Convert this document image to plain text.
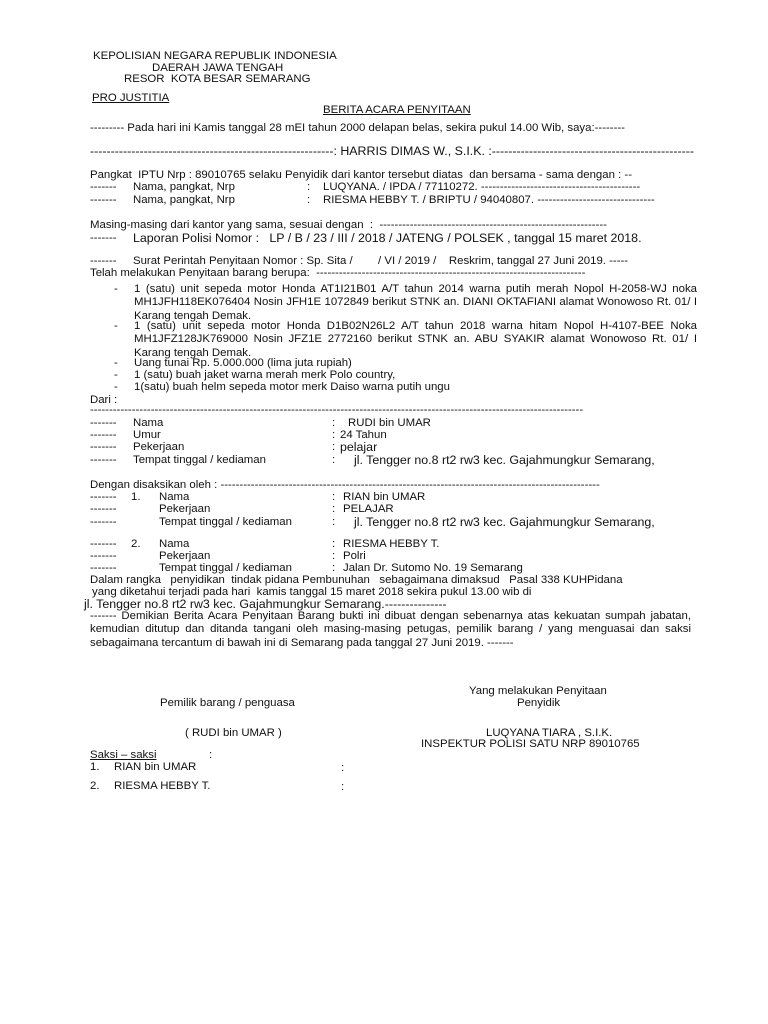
KEPOLISIAN NEGARA REPUBLIK INDONESIA
DAERAH JAWA TENGAH
RESOR  KOTA BESAR SEMARANG
PRO JUSTITIA
BERITA ACARA PENYITAAN
--------- Pada hari ini Kamis tanggal 28 mEI tahun 2000 delapan belas, sekira pukul 14.00 Wib, saya:--------
-----------------------------------------------------------: HARRIS DIMAS W., S.I.K. :-------------------------------------------------
Pangkat  IPTU Nrp : 89010765 selaku Penyidik dari kantor tersebut diatas  dan bersama - sama dengan : --
------- Nama, pangkat, Nrp	: LUQYANA. / IPDA / 77110272. ------------------------------------------
------- Nama, pangkat, Nrp	: RIESMA HEBBY T. / BRIPTU / 94040807. -------------------------------
Masing-masing dari kantor yang sama, sesuai dengan  :  ------------------------------------------------------------
------- Laporan Polisi Nomor :   LP / B / 23 / III / 2018 / JATENG / POLSEK , tanggal 15 maret 2018.
------- Surat Perintah Penyitaan Nomor : Sp. Sita /        / VI / 2019 /    Reskrim, tanggal 27 Juni 2019. -----
Telah melakukan Penyitaan barang berupa:  -----------------------------------------------------------------------
- 1 (satu) unit sepeda motor Honda AT1I21B01 A/T tahun 2014 warna putih merah Nopol H-2058-WJ noka MH1JFH118EK076404 Nosin JFH1E 1072849 berikut STNK an. DIANI OKTAFIANI alamat Wonowoso Rt. 01/ I Karang tengah Demak.
- 1 (satu) unit sepeda motor Honda D1B02N26L2 A/T tahun 2018 warna hitam Nopol H-4107-BEE Noka MH1JFZ128JK769000 Nosin JFZ1E 2772160 berikut STNK an. ABU SYAKIR alamat Wonowoso Rt. 01/ I Karang tengah Demak.
- Uang tunai Rp. 5.000.000 (lima juta rupiah)
- 1 (satu) buah jaket warna merah merk Polo country,
- 1(satu) buah helm sepeda motor merk Daiso warna putih ungu
Dari :
----------------------------------------------------------------------------------------------------------------------------------
------- Nama	: RUDI bin UMAR
------- Umur	: 24 Tahun
------- Pekerjaan	: pelajar
------- Tempat tinggal / kediaman	: jl. Tengger no.8 rt2 rw3 kec. Gajahmungkur Semarang,
Dengan disaksikan oleh : ----------------------------------------------------------------------------------------------------
------- 1. Nama	: RIAN bin UMAR
-------	Pekerjaan	: PELAJAR
-------	Tempat tinggal / kediaman	: jl. Tengger no.8 rt2 rw3 kec. Gajahmungkur Semarang,
------- 2. Nama	: RIESMA HEBBY T.
-------	Pekerjaan	: Polri
-------	Tempat tinggal / kediaman	: Jalan Dr. Sutomo No. 19 Semarang
Dalam rangka   penyidikan  tindak pidana Pembunuhan   sebagaimana dimaksud   Pasal 338 KUHPidana
yang diketahui terjadi pada hari  kamis tanggal 15 maret 2018 sekira pukul 13.00 wib di
jl. Tengger no.8 rt2 rw3 kec. Gajahmungkur Semarang.---------------
------- Demikian Berita Acara Penyitaan Barang bukti ini dibuat dengan sebenarnya atas kekuatan sumpah jabatan, kemudian ditutup dan ditanda tangani oleh masing-masing petugas, pemilik barang / yang menguasai dan saksi sebagaimana tercantum di bawah ini di Semarang pada tanggal 27 Juni 2019. -------
Yang melakukan Penyitaan
Pemilik barang / penguasa	Penyidik
( RUDI bin UMAR )	LUQYANA TIARA , S.I.K.
INSPEKTUR POLISI SATU NRP 89010765
Saksi – saksi	:
1. RIAN bin UMAR	:
2. RIESMA HEBBY T.	:
